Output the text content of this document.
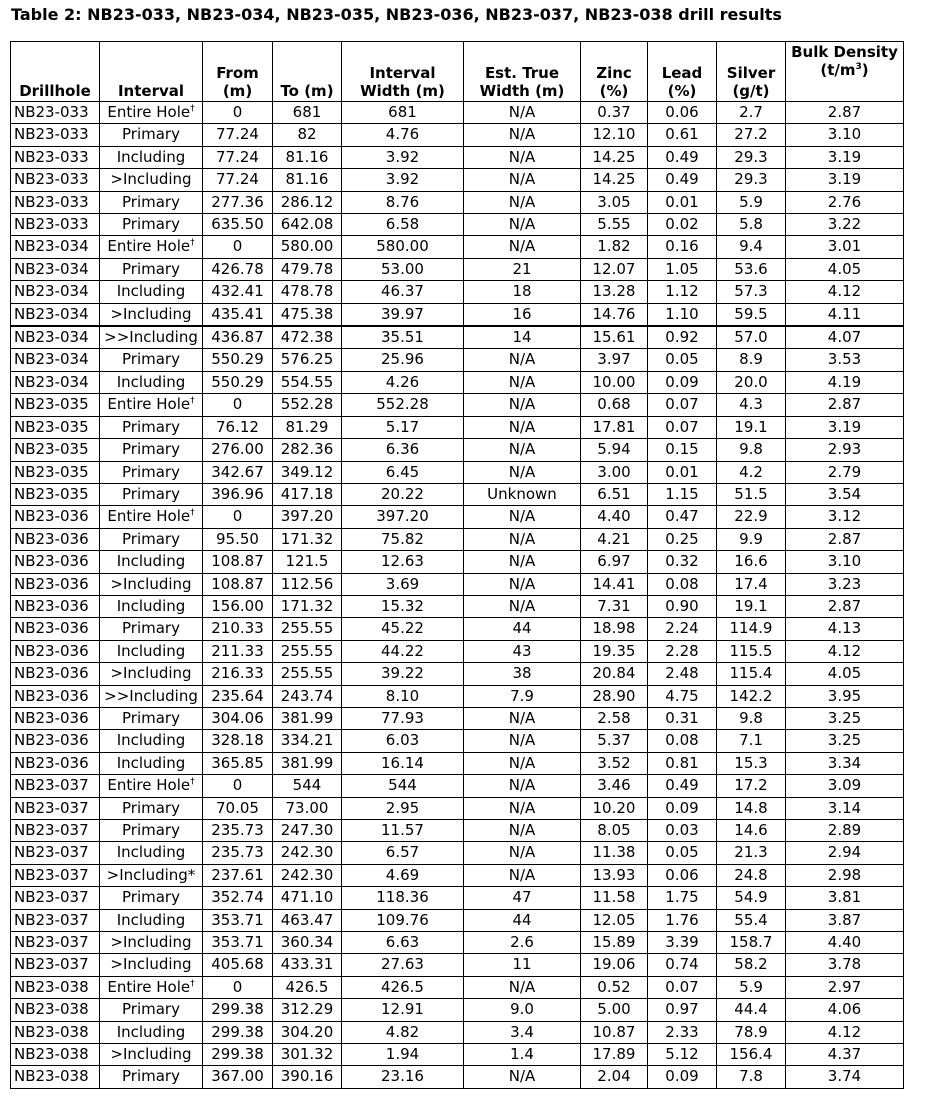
Table 2: NB23-033, NB23-034, NB23-035, NB23-036, NB23-037, NB23-038 drill results
Drillhole	Interval	From (m)	To (m)	Interval Width (m)	Est. True Width (m)	Zinc (%)	Lead (%)	Silver (g/t)	Bulk Density $(t/m^3)$
NB23-033	Entire Hole†	0	681	681	N/A	0.37	0.06	2.7	2.87
NB23-033	Primary	77.24	82	4.76	N/A	12.10	0.61	27.2	3.10
NB23-033	Including	77.24	81.16	3.92	N/A	14.25	0.49	29.3	3.19
NB23-033	>Including	77.24	81.16	3.92	N/A	14.25	0.49	29.3	3.19
NB23-033	Primary	277.36	286.12	8.76	N/A	3.05	0.01	5.9	2.76
NB23-033	Primary	635.50	642.08	6.58	N/A	5.55	0.02	5.8	3.22
NB23-034	Entire Hole†	0	580.00	580.00	N/A	1.82	0.16	9.4	3.01
NB23-034	Primary	426.78	479.78	53.00	21	12.07	1.05	53.6	4.05
NB23-034	Including	432.41	478.78	46.37	18	13.28	1.12	57.3	4.12
NB23-034	>Including	435.41	475.38	39.97	16	14.76	1.10	59.5	4.11
NB23-034	>>Including	436.87	472.38	35.51	14	15.61	0.92	57.0	4.07
NB23-034	Primary	550.29	576.25	25.96	N/A	3.97	0.05	8.9	3.53
NB23-034	Including	550.29	554.55	4.26	N/A	10.00	0.09	20.0	4.19
NB23-035	Entire Hole†	0	552.28	552.28	N/A	0.68	0.07	4.3	2.87
NB23-035	Primary	76.12	81.29	5.17	N/A	17.81	0.07	19.1	3.19
NB23-035	Primary	276.00	282.36	6.36	N/A	5.94	0.15	9.8	2.93
NB23-035	Primary	342.67	349.12	6.45	N/A	3.00	0.01	4.2	2.79
NB23-035	Primary	396.96	417.18	20.22	Unknown	6.51	1.15	51.5	3.54
NB23-036	Entire Hole†	0	397.20	397.20	N/A	4.40	0.47	22.9	3.12
NB23-036	Primary	95.50	171.32	75.82	N/A	4.21	0.25	9.9	2.87
NB23-036	Including	108.87	121.5	12.63	N/A	6.97	0.32	16.6	3.10
NB23-036	>Including	108.87	112.56	3.69	N/A	14.41	0.08	17.4	3.23
NB23-036	Including	156.00	171.32	15.32	N/A	7.31	0.90	19.1	2.87
NB23-036	Primary	210.33	255.55	45.22	44	18.98	2.24	114.9	4.13
NB23-036	Including	211.33	255.55	44.22	43	19.35	2.28	115.5	4.12
NB23-036	>Including	216.33	255.55	39.22	38	20.84	2.48	115.4	4.05
NB23-036	>>Including	235.64	243.74	8.10	7.9	28.90	4.75	142.2	3.95
NB23-036	Primary	304.06	381.99	77.93	N/A	2.58	0.31	9.8	3.25
NB23-036	Including	328.18	334.21	6.03	N/A	5.37	0.08	7.1	3.25
NB23-036	Including	365.85	381.99	16.14	N/A	3.52	0.81	15.3	3.34
NB23-037	Entire Hole†	0	544	544	N/A	3.46	0.49	17.2	3.09
NB23-037	Primary	70.05	73.00	2.95	N/A	10.20	0.09	14.8	3.14
NB23-037	Primary	235.73	247.30	11.57	N/A	8.05	0.03	14.6	2.89
NB23-037	Including	235.73	242.30	6.57	N/A	11.38	0.05	21.3	2.94
NB23-037	>Including*	237.61	242.30	4.69	N/A	13.93	0.06	24.8	2.98
NB23-037	Primary	352.74	471.10	118.36	47	11.58	1.75	54.9	3.81
NB23-037	Including	353.71	463.47	109.76	44	12.05	1.76	55.4	3.87
NB23-037	>Including	353.71	360.34	6.63	2.6	15.89	3.39	158.7	4.40
NB23-037	>Including	405.68	433.31	27.63	11	19.06	0.74	58.2	3.78
NB23-038	Entire Hole†	0	426.5	426.5	N/A	0.52	0.07	5.9	2.97
NB23-038	Primary	299.38	312.29	12.91	9.0	5.00	0.97	44.4	4.06
NB23-038	Including	299.38	304.20	4.82	3.4	10.87	2.33	78.9	4.12
NB23-038	>Including	299.38	301.32	1.94	1.4	17.89	5.12	156.4	4.37
NB23-038	Primary	367.00	390.16	23.16	N/A	2.04	0.09	7.8	3.74
